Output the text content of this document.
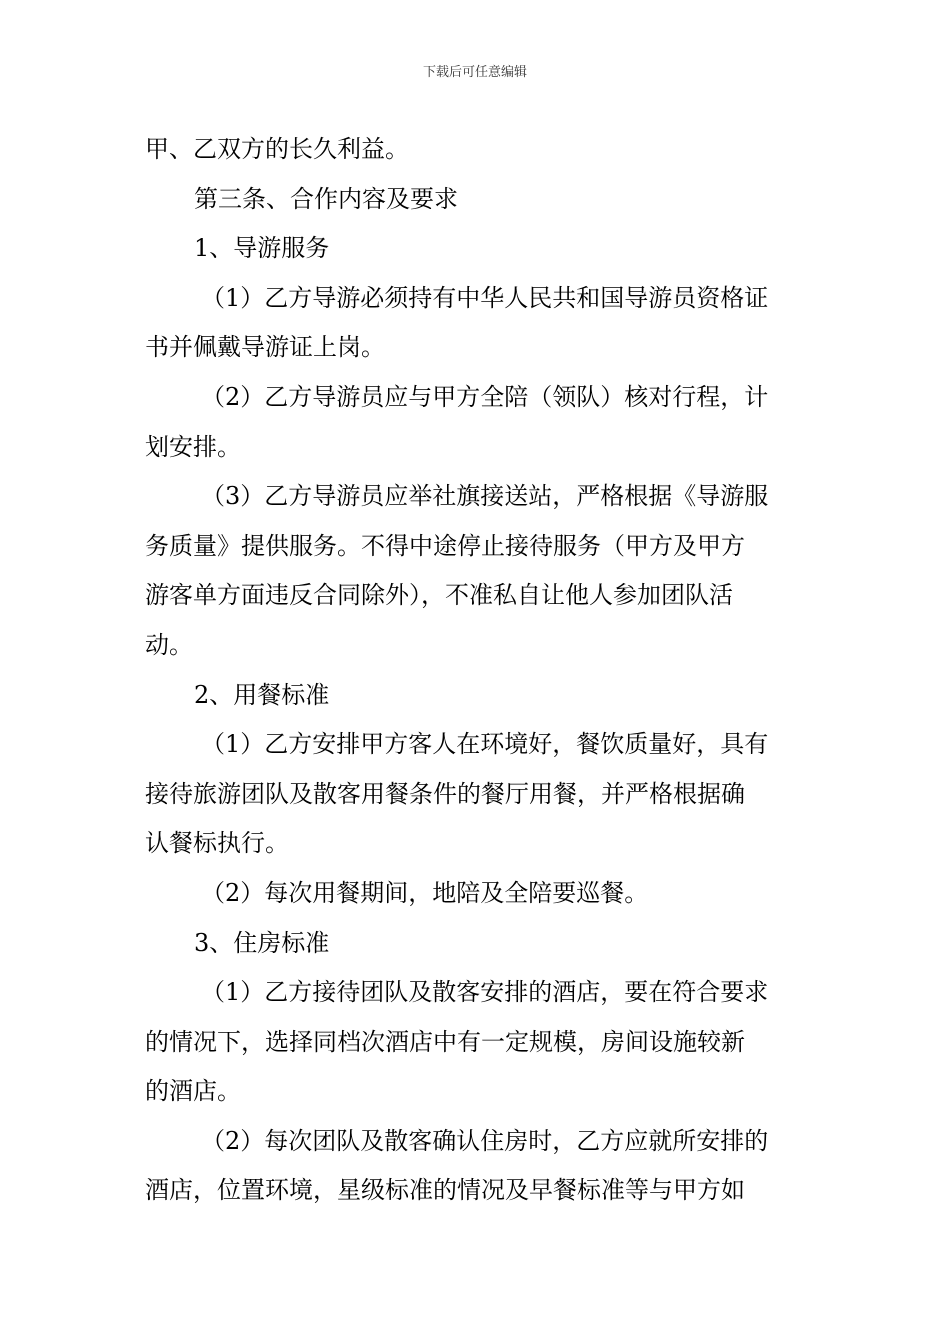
下载后可任意编辑

甲、乙双方的长久利益。

第三条、合作内容及要求

1、导游服务

（1）乙方导游必须持有中华人民共和国导游员资格证

书并佩戴导游证上岗。

（2）乙方导游员应与甲方全陪（领队）核对行程，计

划安排。

（3）乙方导游员应举社旗接送站，严格根据《导游服

务质量》提供服务。不得中途停止接待服务（甲方及甲方

游客单方面违反合同除外），不准私自让他人参加团队活

动。

2、用餐标准

（1）乙方安排甲方客人在环境好，餐饮质量好，具有

接待旅游团队及散客用餐条件的餐厅用餐，并严格根据确

认餐标执行。

（2）每次用餐期间，地陪及全陪要巡餐。

3、住房标准

（1）乙方接待团队及散客安排的酒店，要在符合要求

的情况下，选择同档次酒店中有一定规模，房间设施较新

的酒店。

（2）每次团队及散客确认住房时，乙方应就所安排的

酒店，位置环境，星级标准的情况及早餐标准等与甲方如
